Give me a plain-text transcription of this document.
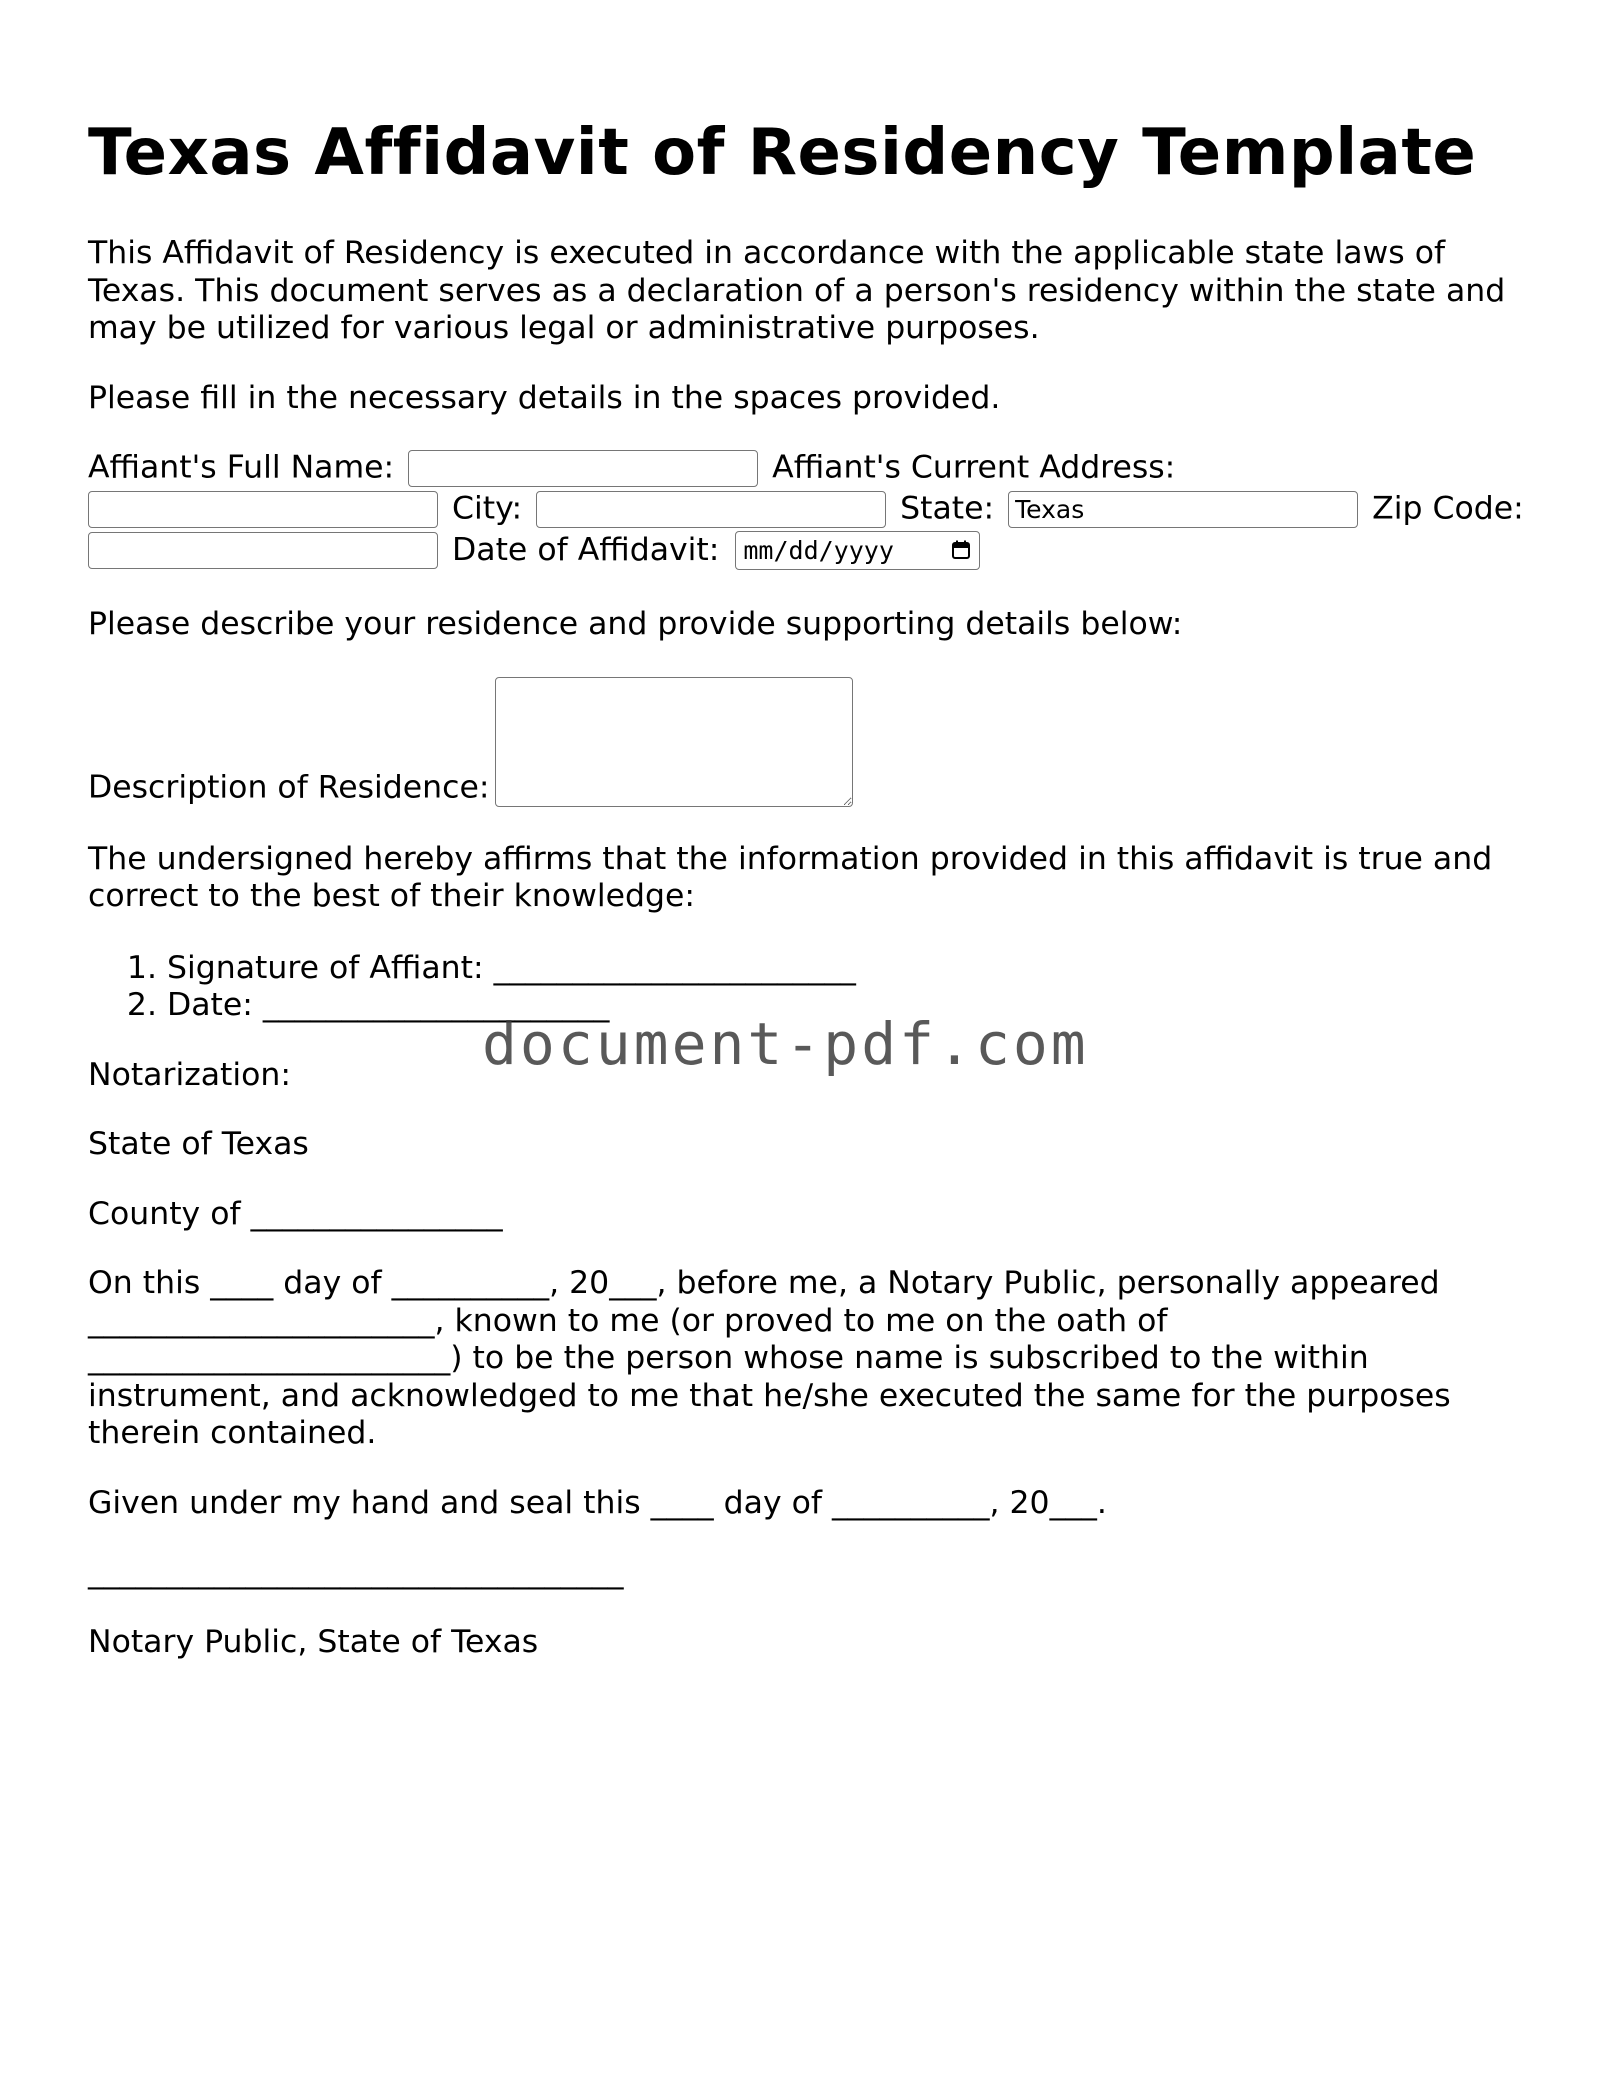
Texas Affidavit of Residency Template

This Affidavit of Residency is executed in accordance with the applicable state laws of Texas. This document serves as a declaration of a person's residency within the state and may be utilized for various legal or administrative purposes.

Please fill in the necessary details in the spaces provided.

Affiant's Full Name:	Affiant's Current Address:
City:	State: Texas	Zip Code:
Date of Affidavit: mm/dd/yyyy

Please describe your residence and provide supporting details below:

Description of Residence:

The undersigned hereby affirms that the information provided in this affidavit is true and correct to the best of their knowledge:

1. Signature of Affiant: _______________________
2. Date: ______________________

Notarization:

State of Texas

County of ________________

On this ____ day of __________, 20___, before me, a Notary Public, personally appeared ______________________, known to me (or proved to me on the oath of _______________________) to be the person whose name is subscribed to the within instrument, and acknowledged to me that he/she executed the same for the purposes therein contained.

Given under my hand and seal this ____ day of __________, 20___.

__________________________________

Notary Public, State of Texas

document-pdf.com
